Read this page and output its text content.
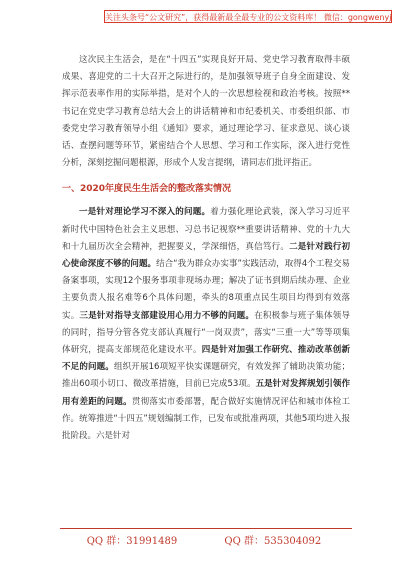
关注头条号“公文研究”，获得最新最全最专业的公文资料库！ 微信：gongwenyj

这次民主生活会，是在“十四五”实现良好开局、党史学习教育取得丰硕成果、喜迎党的二十大召开之际进行的，是加强领导班子自身全面建设、发挥示范表率作用的实际举措，是对个人的一次思想检视和政治考核。按照**书记在党史学习教育总结大会上的讲话精神和市纪委机关、市委组织部、市委党史学习教育领导小组《通知》要求，通过理论学习、征求意见、谈心谈话、查摆问题等环节，紧密结合个人思想、学习和工作实际，深入进行党性分析，深刻挖掘问题根源，形成个人发言提纲，请同志们批评指正。

一、2020年度民生生活会的整改落实情况

一是针对理论学习不深入的问题。着力强化理论武装，深入学习习近平新时代中国特色社会主义思想、习总书记视察**重要讲话精神、党的十九大和十九届历次全会精神，把握要义，学深细悟，真信笃行。二是针对践行初心使命深度不够的问题。结合“我为群众办实事”实践活动，取得4个工程交易备案事项，实现12个服务事项非现场办理；解决了证书到期后续办理、企业主要负责人报名难等6个具体问题，牵头的8项重点民生项目均得到有效落实。三是针对指导支部建设用心用力不够的问题。在积极参与班子集体领导的同时，指导分管各党支部认真履行“一岗双责”，落实“三重一大”等等项集体研究，提高支部规范化建设水平。四是针对加强工作研究、推动改革创新不足的问题。组织开展16项短平快实课题研究，有效发挥了辅助决策功能；推出60项小切口、微改革措施，目前已完成53项。五是针对发挥规划引领作用有差距的问题。贯彻落实市委部署，配合做好实施情况评估和城市体检工作。统筹推进“十四五”规划编制工作，已发布或批准两项，其他5项均进入报批阶段。六是针对

QQ 群：31991489	QQ 群：535304092
